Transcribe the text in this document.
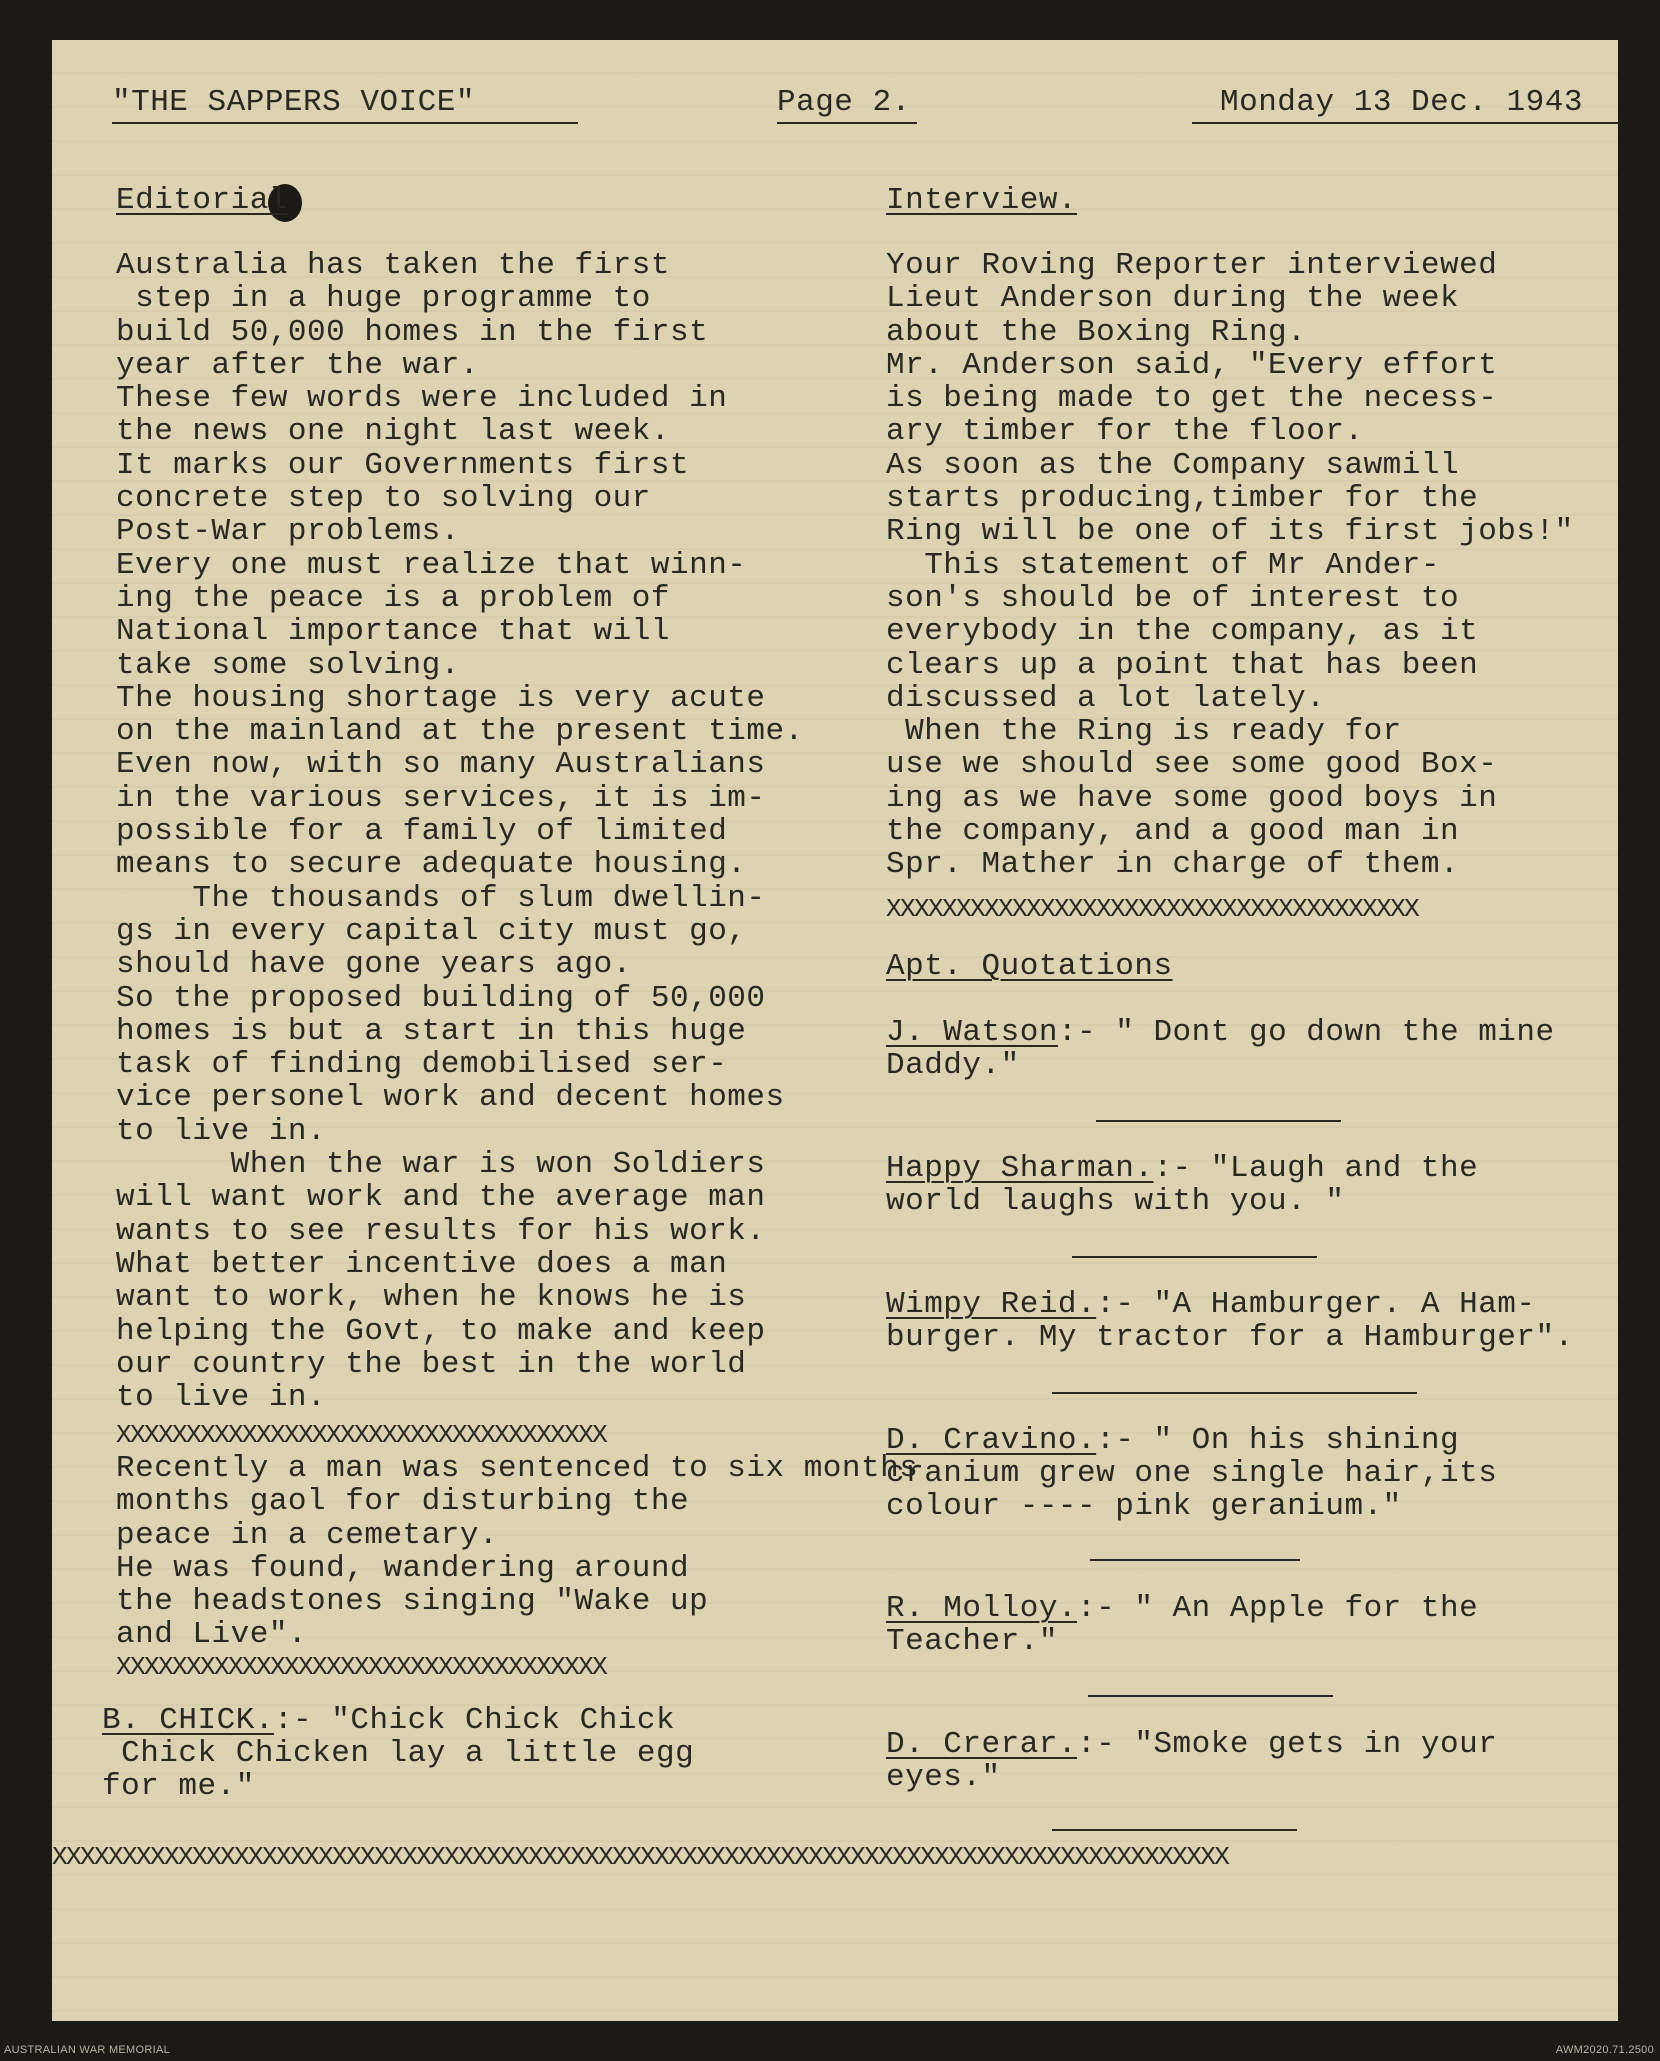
"THE SAPPERS VOICE"	Page 2.	Monday 13 Dec. 1943
Editorial
Australia has taken the first
step in a huge programme to
build 50,000 homes in the first
year after the war.
These few words were included in
the news one night last week.
It marks our Governments first
concrete step to solving our
Post-War problems.
Every one must realize that winn-
ing the peace is a problem of
National importance that will
take some solving.
The housing shortage is very acute
on the mainland at the present time.
Even now, with so many Australians
in the various services, it is im-
possible for a family of limited
means to secure adequate housing.
The thousands of slum dwellin-
gs in every capital city must go,
should have gone years ago.
So the proposed building of 50,000
homes is but a start in this huge
task of finding demobilised ser-
vice personel work and decent homes
to live in.
When the war is won Soldiers
will want work and the average man
wants to see results for his work.
What better incentive does a man
want to work, when he knows he is
helping the Govt, to make and keep
our country the best in the world
to live in.
XXXXXXXXXXXXXXXXXXXXXXXXXXXXXXXXXXX
Recently a man was sentenced to six months
months gaol for disturbing the
peace in a cemetary.
He was found, wandering around
the headstones singing "Wake up
and Live".
XXXXXXXXXXXXXXXXXXXXXXXXXXXXXXXXXXX
B. CHICK.:- "Chick Chick Chick
Chick Chicken lay a little egg
for me."
Interview.
Your Roving Reporter interviewed
Lieut Anderson during the week
about the Boxing Ring.
Mr. Anderson said, "Every effort
is being made to get the necess-
ary timber for the floor.
As soon as the Company sawmill
starts producing,timber for the
Ring will be one of its first jobs!"
This statement of Mr Ander-
son's should be of interest to
everybody in the company, as it
clears up a point that has been
discussed a lot lately.
When the Ring is ready for
use we should see some good Box-
ing as we have some good boys in
the company, and a good man in
Spr. Mather in charge of them.
XXXXXXXXXXXXXXXXXXXXXXXXXXXXXXXXXXXXXX
Apt. Quotations
J. Watson:- " Dont go down the mine
Daddy."
Happy Sharman.:- "Laugh and the
world laughs with you. "
Wimpy Reid.:- "A Hamburger. A Ham-
burger. My tractor for a Hamburger".
D. Cravino.:- " On his shining
cranium grew one single hair,its
colour ---- pink geranium."
R. Molloy.:- " An Apple for the
Teacher."
D. Crerar.:- "Smoke gets in your
eyes."
XXXXXXXXXXXXXXXXXXXXXXXXXXXXXXXXXXXXXXXXXXXXXXXXXXXXXXXXXXXXXXXXXXXXXXXXXXXXXXXXXXXX
AUSTRALIAN WAR MEMORIAL	AWM2020.71.2500
